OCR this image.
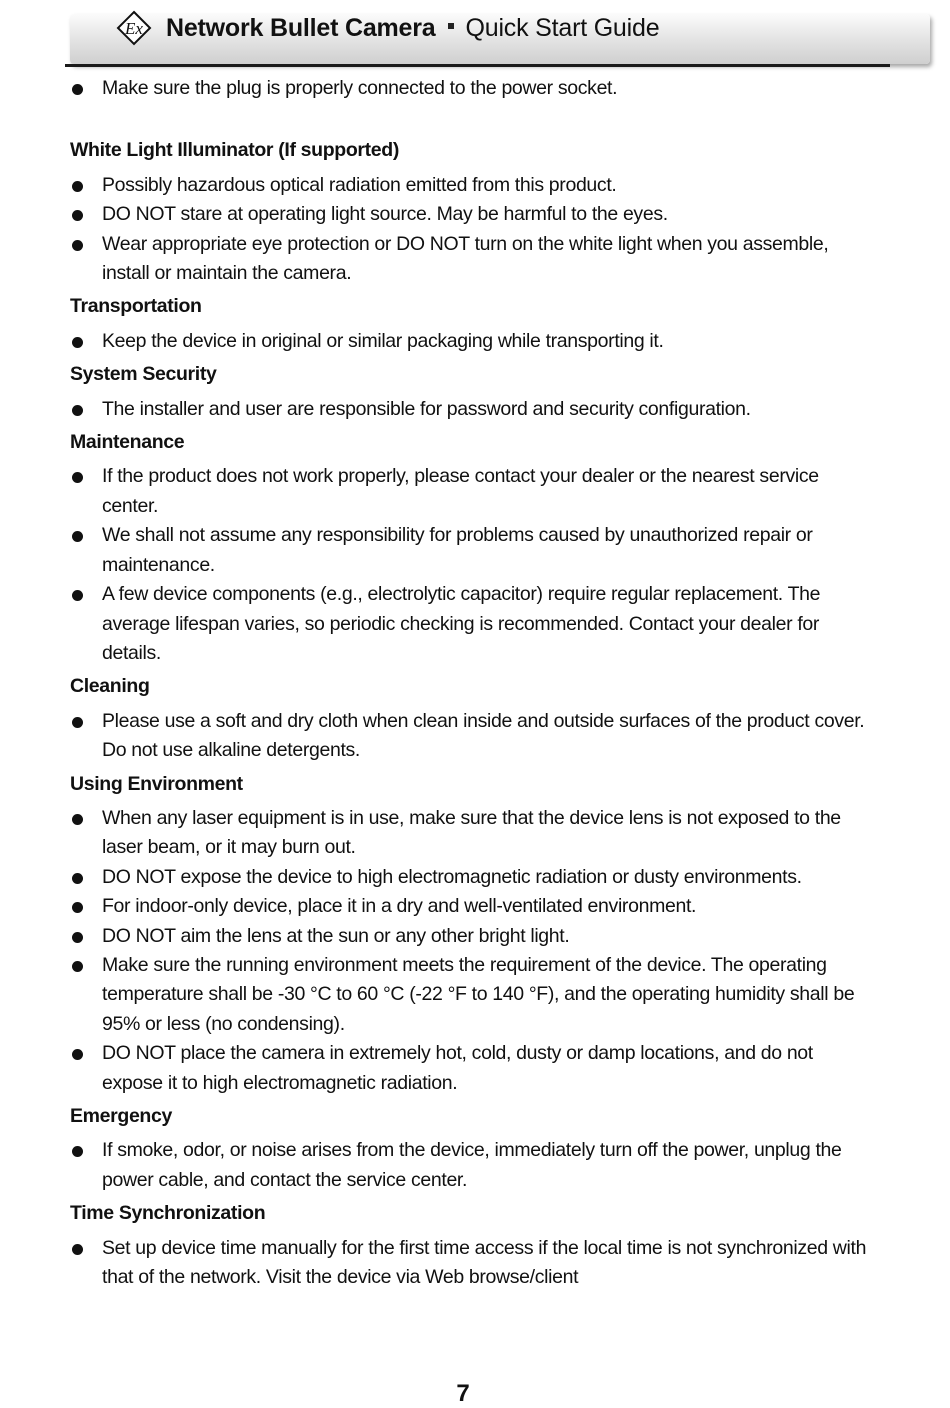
Ex Network Bullet Camera Quick Start Guide
Make sure the plug is properly connected to the power socket.

White Light Illuminator (If supported)

Possibly hazardous optical radiation emitted from this product.
DO NOT stare at operating light source. May be harmful to the eyes.
Wear appropriate eye protection or DO NOT turn on the white light when you assemble, install or maintain the camera.

Transportation

Keep the device in original or similar packaging while transporting it.

System Security

The installer and user are responsible for password and security configuration.

Maintenance

If the product does not work properly, please contact your dealer or the nearest service center.
We shall not assume any responsibility for problems caused by unauthorized repair or maintenance.
A few device components (e.g., electrolytic capacitor) require regular replacement. The average lifespan varies, so periodic checking is recommended. Contact your dealer for details.

Cleaning

Please use a soft and dry cloth when clean inside and outside surfaces of the product cover. Do not use alkaline detergents.

Using Environment

When any laser equipment is in use, make sure that the device lens is not exposed to the laser beam, or it may burn out.
DO NOT expose the device to high electromagnetic radiation or dusty environments.
For indoor-only device, place it in a dry and well-ventilated environment.
DO NOT aim the lens at the sun or any other bright light.
Make sure the running environment meets the requirement of the device. The operating temperature shall be -30 °C to 60 °C (-22 °F to 140 °F), and the operating humidity shall be 95% or less (no condensing).
DO NOT place the camera in extremely hot, cold, dusty or damp locations, and do not expose it to high electromagnetic radiation.

Emergency

If smoke, odor, or noise arises from the device, immediately turn off the power, unplug the power cable, and contact the service center.

Time Synchronization

Set up device time manually for the first time access if the local time is not synchronized with that of the network. Visit the device via Web browse/client
7
